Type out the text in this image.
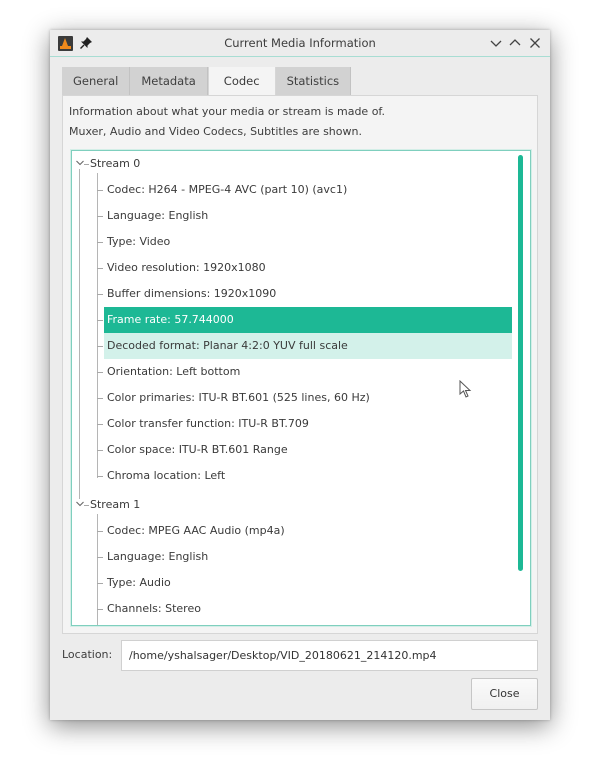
Current Media Information
General	Metadata	Codec	Statistics
Information about what your media or stream is made of.
Muxer, Audio and Video Codecs, Subtitles are shown.
Stream 0
Codec: H264 - MPEG-4 AVC (part 10) (avc1)
Language: English
Type: Video
Video resolution: 1920x1080
Buffer dimensions: 1920x1090
Frame rate: 57.744000
Decoded format: Planar 4:2:0 YUV full scale
Orientation: Left bottom
Color primaries: ITU-R BT.601 (525 lines, 60 Hz)
Color transfer function: ITU-R BT.709
Color space: ITU-R BT.601 Range
Chroma location: Left
Stream 1
Codec: MPEG AAC Audio (mp4a)
Language: English
Type: Audio
Channels: Stereo
Location:	/home/yshalsager/Desktop/VID_20180621_214120.mp4
Close
